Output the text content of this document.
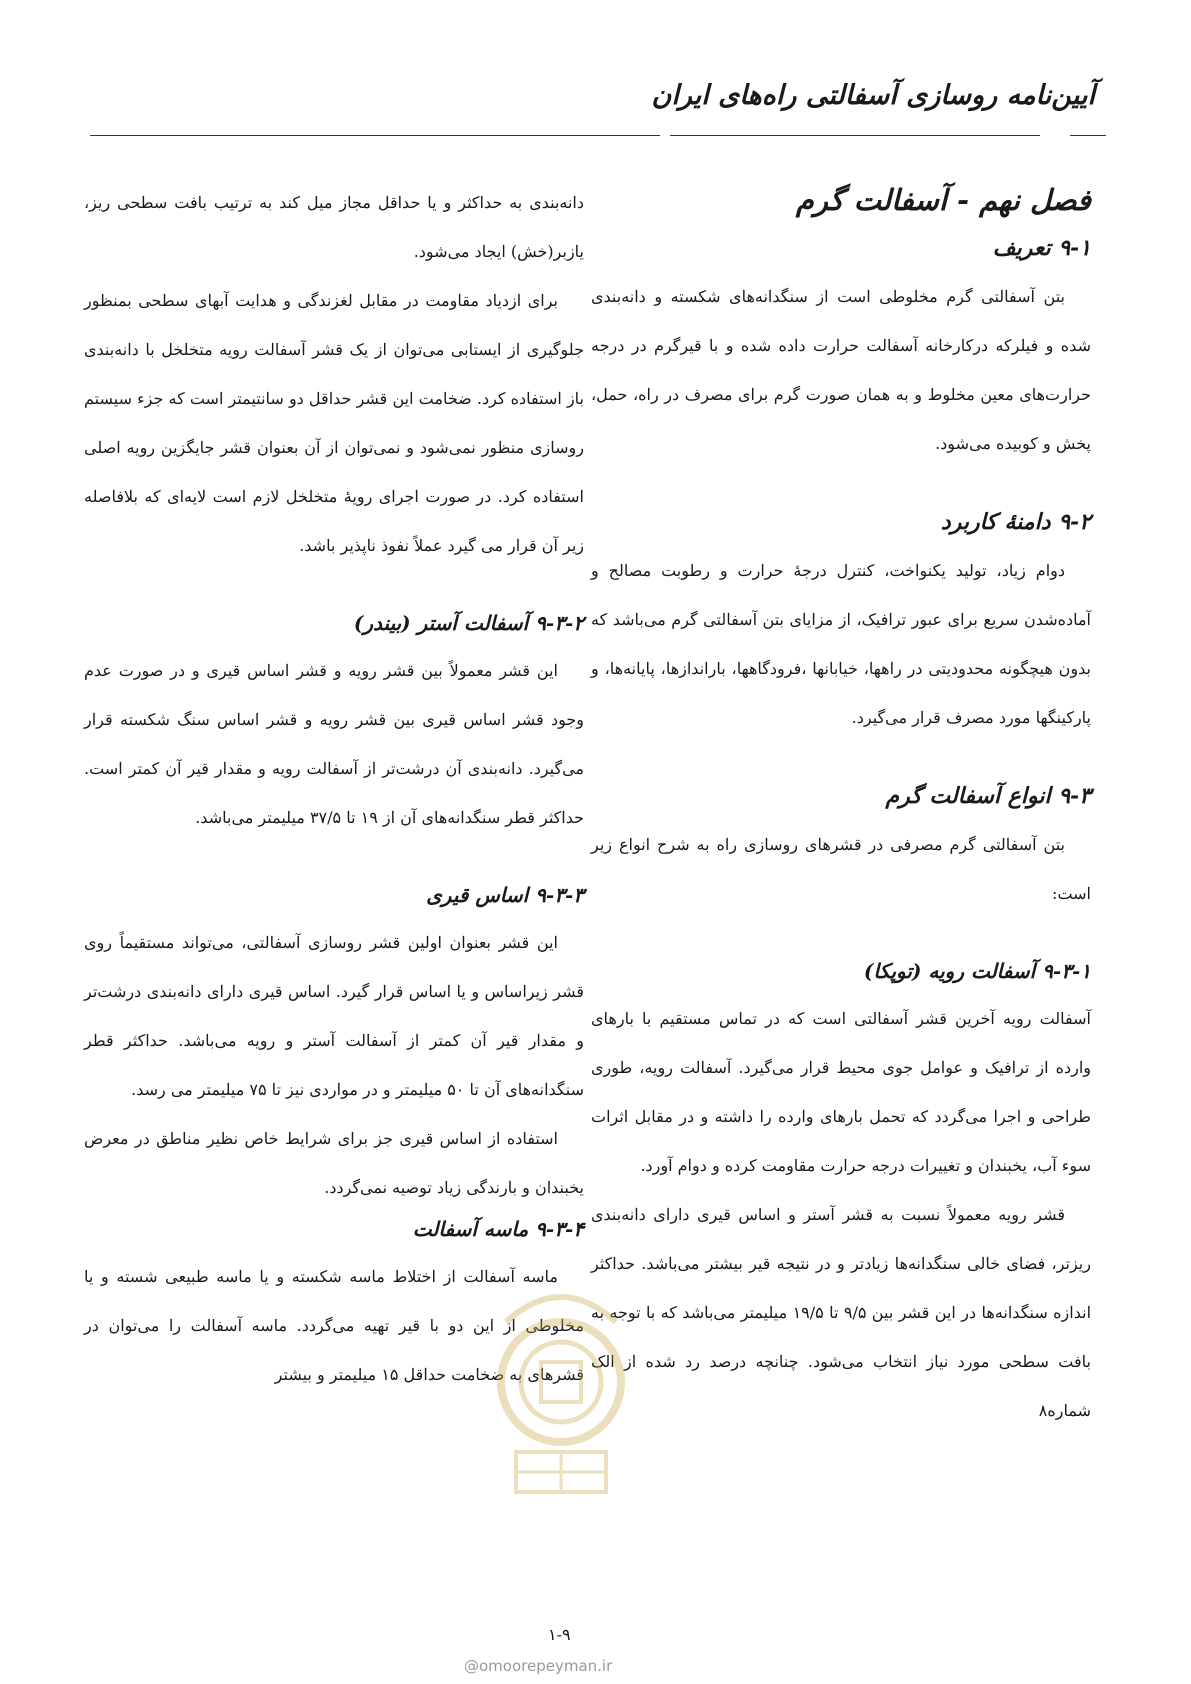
آیین‌نامه روسازی آسفالتی راه‌های ایران
فصل نهم - آسفالت گرم
۹-۱ تعریف

بتن آسفالتی گرم مخلوطی است از سنگدانه‌های شکسته و دانه‌بندی شده و فیلرکه درکارخانه آسفالت حرارت داده شده و با قیرگرم در درجه حرارت‌های معین مخلوط و به همان صورت گرم برای مصرف در راه، حمل، پخش و کوبیده می‌شود.

۹-۲ دامنهٔ کاربرد

دوام زیاد، تولید یکنواخت، کنترل درجهٔ حرارت و رطوبت مصالح و آماده‌شدن سریع برای عبور ترافیک، از مزایای بتن آسفالتی گرم می‌باشد که بدون هیچگونه محدودیتی در راهها، خیابانها ،فرودگاهها، باراندازها، پایانه‌ها، و پارکینگها مورد مصرف قرار می‌گیرد.

۹-۳ انواع آسفالت گرم

بتن آسفالتی گرم مصرفی در قشرهای روسازی راه به شرح انواع زیر است:

۹-۳-۱ آسفالت رویه (توپکا)

آسفالت رویه آخرین قشر آسفالتی است که در تماس مستقیم با بارهای وارده از ترافیک و عوامل جوی محیط قرار می‌گیرد. آسفالت رویه، طوری طراحی و اجرا می‌گردد که تحمل بارهای وارده را داشته و در مقابل اثرات سوء آب، یخبندان و تغییرات درجه حرارت مقاومت کرده و دوام آورد.

قشر رویه معمولاً نسبت به قشر آستر و اساس قیری دارای دانه‌بندی ریزتر، فضای خالی سنگدانه‌ها زیادتر و در نتیجه قیر بیشتر می‌باشد. حداکثر اندازه سنگدانه‌ها در این قشر بین ۹/۵ تا ۱۹/۵ میلیمتر می‌باشد که با توجه به بافت سطحی مورد نیاز انتخاب می‌شود. چنانچه درصد رد شده از الک شماره۸

دانه‌بندی به حداکثر و یا حداقل مجاز میل کند به ترتیب بافت سطحی ریز، یازبر(خش) ایجاد می‌شود.

برای ازدیاد مقاومت در مقابل لغزندگی و هدایت آبهای سطحی بمنظور جلوگیری از ایستابی می‌توان از یک قشر آسفالت رویه متخلخل با دانه‌بندی باز استفاده کرد. ضخامت این قشر حداقل دو سانتیمتر است که جزء سیستم روسازی منظور نمی‌شود و نمی‌توان از آن بعنوان قشر جایگزین رویه اصلی استفاده کرد. در صورت اجرای رویهٔ متخلخل لازم است لایه‌ای که بلافاصله زیر آن قرار می گیرد عملاً نفوذ ناپذیر باشد.

۹-۳-۲ آسفالت آستر (بیندر)

این قشر معمولاً بین قشر رویه و قشر اساس قیری و در صورت عدم وجود قشر اساس قیری بین قشر رویه و قشر اساس سنگ شکسته قرار می‌گیرد. دانه‌بندی آن درشت‌تر از آسفالت رویه و مقدار قیر آن کمتر است. حداکثر قطر سنگدانه‌های آن از ۱۹ تا ۳۷/۵ میلیمتر می‌باشد.

۹-۳-۳ اساس قیری

این قشر بعنوان اولین قشر روسازی آسفالتی، می‌تواند مستقیماً روی قشر زیراساس و یا اساس قرار گیرد. اساس قیری دارای دانه‌بندی درشت‌تر و مقدار قیر آن کمتر از آسفالت آستر و رویه می‌باشد. حداکثر قطر سنگدانه‌های آن تا ۵۰ میلیمتر و در مواردی نیز تا ۷۵ میلیمتر می رسد.

استفاده از اساس قیری جز برای شرایط خاص نظیر مناطق در معرض یخبندان و بارندگی زیاد توصیه نمی‌گردد.

۹-۳-۴ ماسه آسفالت

ماسه آسفالت از اختلاط ماسه شکسته و یا ماسه طبیعی شسته و یا مخلوطی از این دو با قیر تهیه می‌گردد. ماسه آسفالت را می‌توان در قشرهای به ضخامت حداقل ۱۵ میلیمتر و بیشتر

۱-۹
@omoorepeyman.ir
